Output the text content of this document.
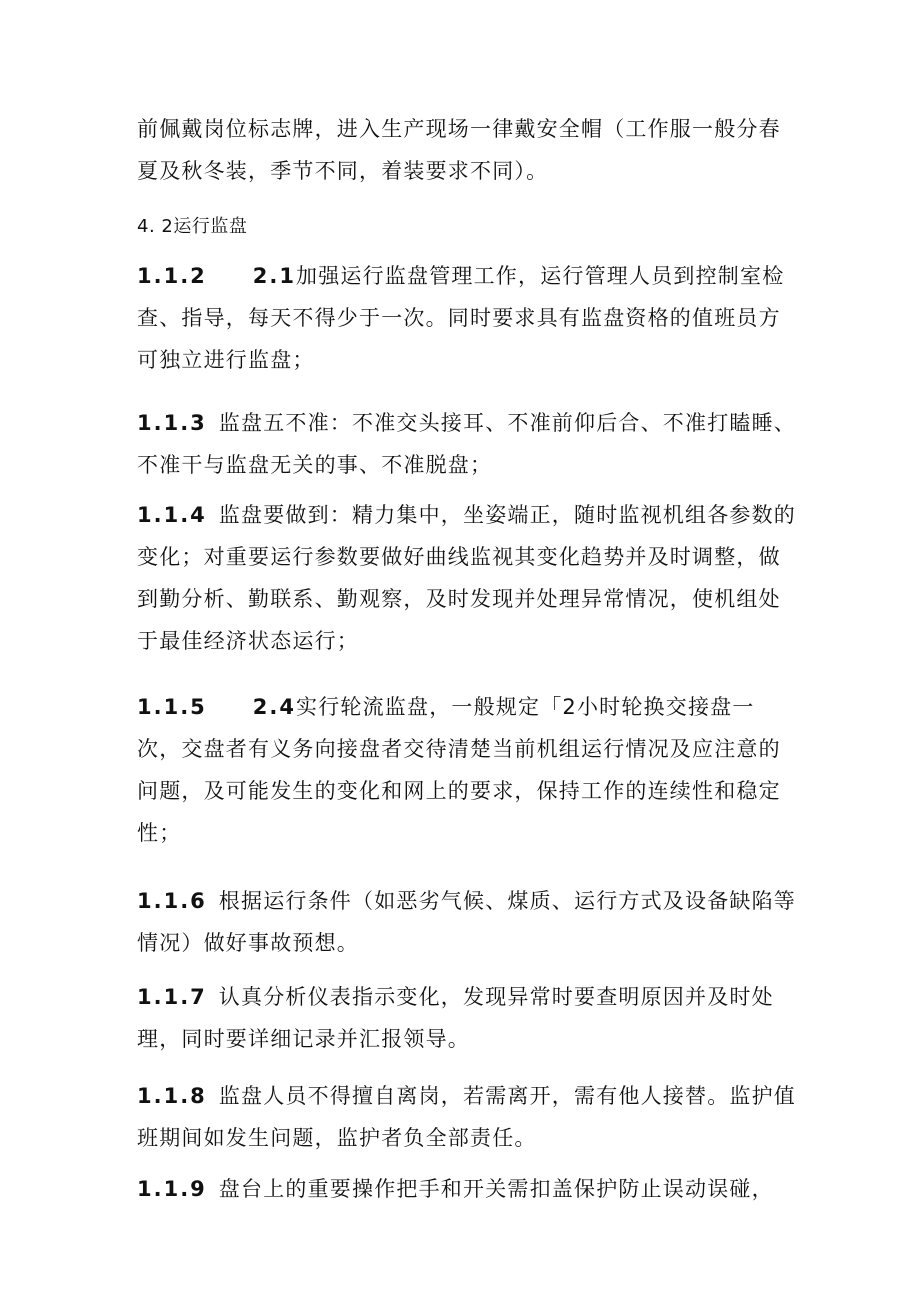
前佩戴岗位标志牌，进入生产现场一律戴安全帽（工作服一般分春夏及秋冬装，季节不同，着装要求不同）。
4. 2运行监盘
1.1.2 2.1加强运行监盘管理工作，运行管理人员到控制室检查、指导，每天不得少于一次。同时要求具有监盘资格的值班员方可独立进行监盘；
1.1.3 监盘五不准：不准交头接耳、不准前仰后合、不准打瞌睡、不准干与监盘无关的事、不准脱盘；
1.1.4 监盘要做到：精力集中，坐姿端正，随时监视机组各参数的变化；对重要运行参数要做好曲线监视其变化趋势并及时调整，做到勤分析、勤联系、勤观察，及时发现并处理异常情况，使机组处于最佳经济状态运行；
1.1.5 2.4实行轮流监盘，一般规定「2小时轮换交接盘一次，交盘者有义务向接盘者交待清楚当前机组运行情况及应注意的问题，及可能发生的变化和网上的要求，保持工作的连续性和稳定性；
1.1.6 根据运行条件（如恶劣气候、煤质、运行方式及设备缺陷等情况）做好事故预想。
1.1.7 认真分析仪表指示变化，发现异常时要查明原因并及时处理，同时要详细记录并汇报领导。
1.1.8 监盘人员不得擅自离岗，若需离开，需有他人接替。监护值班期间如发生问题，监护者负全部责任。
1.1.9 盘台上的重要操作把手和开关需扣盖保护防止误动误碰，
